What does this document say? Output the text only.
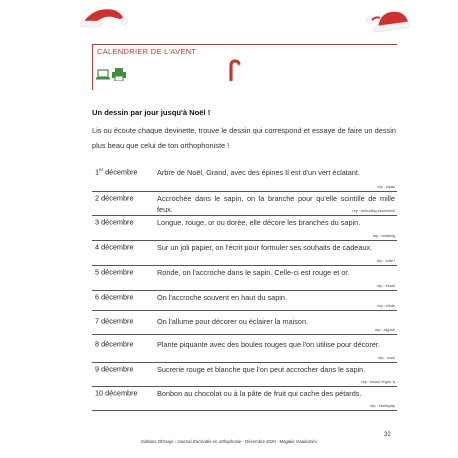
CALENDRIER DE L'AVENT
Un dessin par jour jusqu'à Noël !
Lis ou écoute chaque devinette, trouve le dessin qui correspond et essaye de faire un dessin plus beau que celui de ton orthophoniste !
1er décembre	Arbre de Noël, Grand, avec des épines Il est d'un vert éclatant.
rep : nipas
2 décembre	Accrochée dans le sapin, on la branche pour qu'elle scintille de mille feux.	rep : eulrudlog esuemiruil
3 décembre	Longue, rouge, or ou dorée, elle décore les branches du sapin.
rep : edrialug
4 décembre	Sur un joli papier, on l'écrit pour formuler ses souhaits de cadeaux.
rep : ertte l
5 décembre	Ronde, on l'accroche dans le sapin. Celle-ci est rouge et or.
rep : eluob
6 décembre	On l'accroche souvent en haut du sapin.
rep : elioté
7 décembre	On l'allume pour décorer ou éclairer la maison.
rep : elguob
8 décembre	Plante piquante avec des boules rouges que l'on utilise pour décorer.
rep : xuoh
9 décembre	Sucrerie rouge et blanche que l'on peut accrocher dans le sapin.
rep : encue érgnu 'q
10 décembre	Bonbon au chocolat ou à la pâte de fruit qui cache des pétards.
rep : etolilopap
32
Editions Ob'Ieuje - Journal d'activités en orthophonie - Décembre 2020 - Magalie Visadomini
